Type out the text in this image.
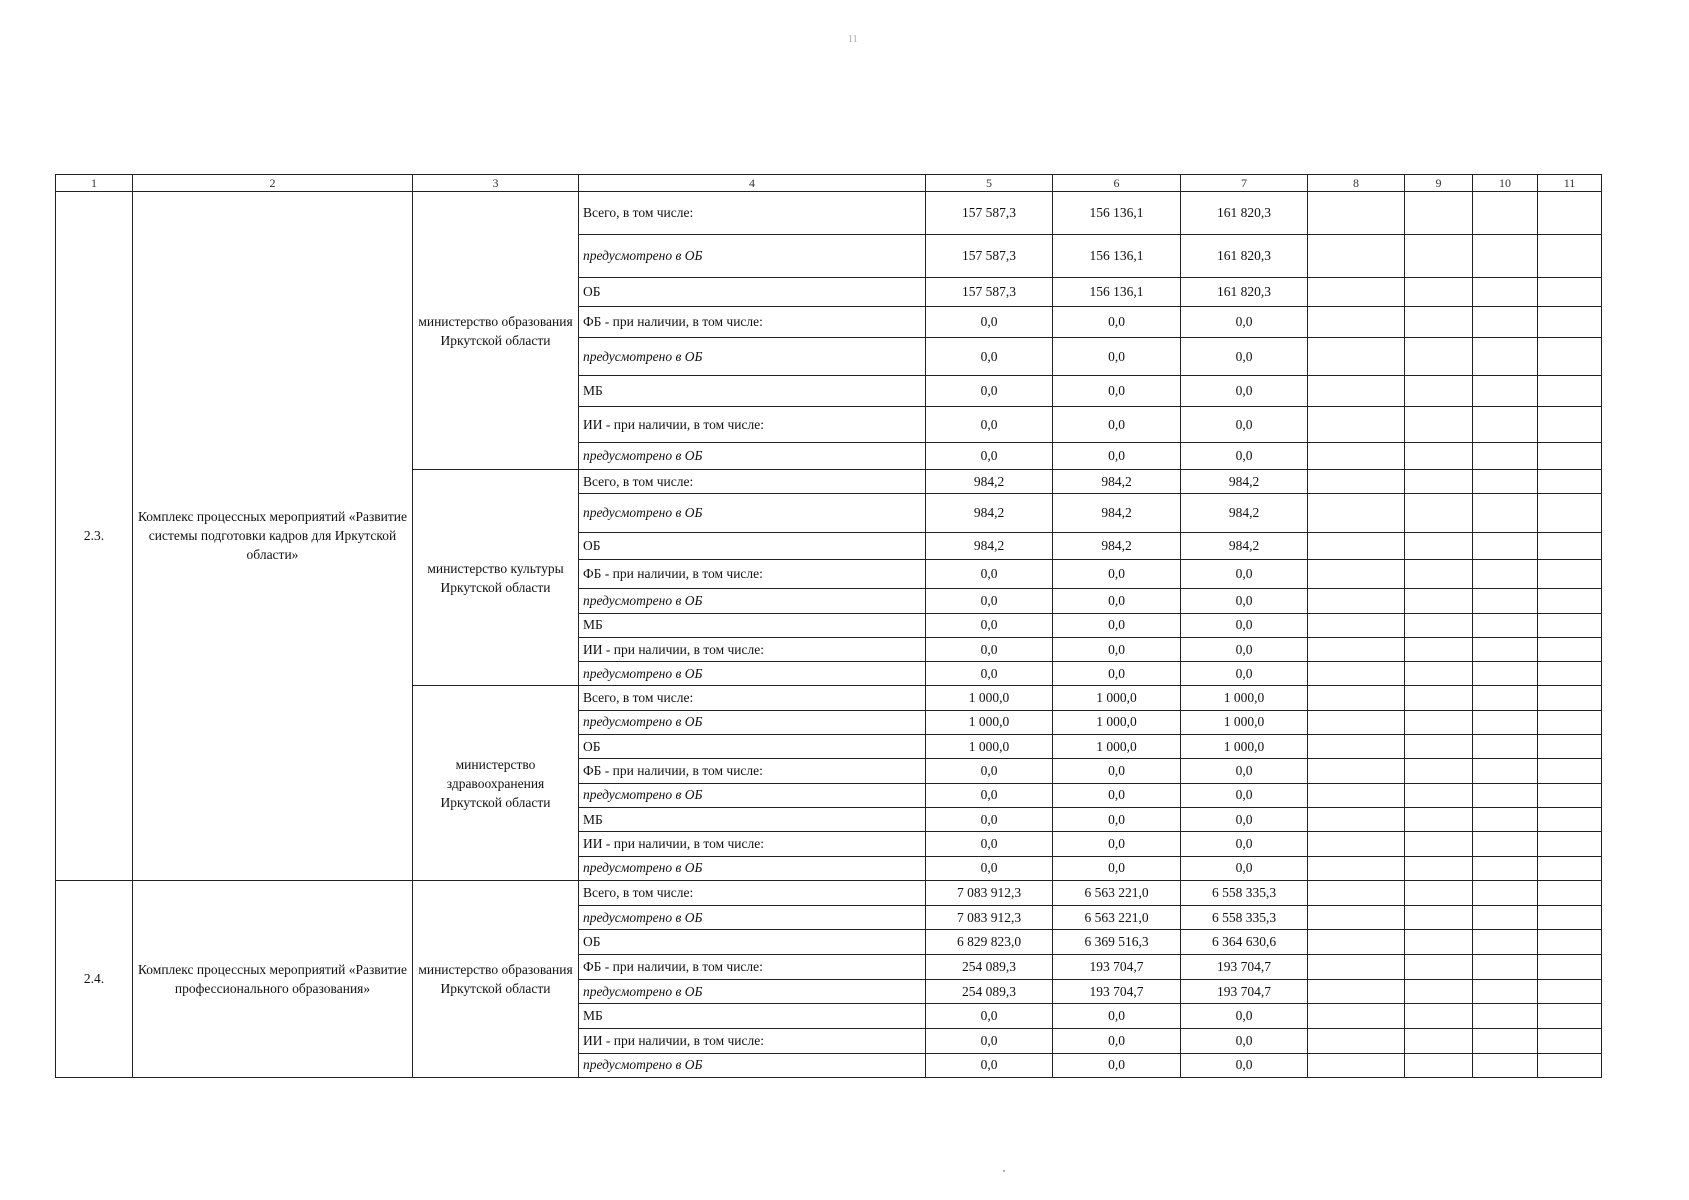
11
1	2	3	4	5	6	7	8	9	10	11
2.3.	Комплекс процессных мероприятий «Развитие системы подготовки кадров для Иркутской области»	министерство образования Иркутской области	Всего, в том числе:	157 587,3	156 136,1	161 820,3				
			предусмотрено в ОБ	157 587,3	156 136,1	161 820,3				
			ОБ	157 587,3	156 136,1	161 820,3				
			ФБ - при наличии, в том числе:	0,0	0,0	0,0				
			предусмотрено в ОБ	0,0	0,0	0,0				
			МБ	0,0	0,0	0,0				
			ИИ - при наличии, в том числе:	0,0	0,0	0,0				
			предусмотрено в ОБ	0,0	0,0	0,0				
		министерство культуры Иркутской области	Всего, в том числе:	984,2	984,2	984,2				
			предусмотрено в ОБ	984,2	984,2	984,2				
			ОБ	984,2	984,2	984,2				
			ФБ - при наличии, в том числе:	0,0	0,0	0,0				
			предусмотрено в ОБ	0,0	0,0	0,0				
			МБ	0,0	0,0	0,0				
			ИИ - при наличии, в том числе:	0,0	0,0	0,0				
			предусмотрено в ОБ	0,0	0,0	0,0				
		министерство здравоохранения Иркутской области	Всего, в том числе:	1 000,0	1 000,0	1 000,0				
			предусмотрено в ОБ	1 000,0	1 000,0	1 000,0				
			ОБ	1 000,0	1 000,0	1 000,0				
			ФБ - при наличии, в том числе:	0,0	0,0	0,0				
			предусмотрено в ОБ	0,0	0,0	0,0				
			МБ	0,0	0,0	0,0				
			ИИ - при наличии, в том числе:	0,0	0,0	0,0				
			предусмотрено в ОБ	0,0	0,0	0,0				
2.4.	Комплекс процессных мероприятий «Развитие профессионального образования»	министерство образования Иркутской области	Всего, в том числе:	7 083 912,3	6 563 221,0	6 558 335,3				
			предусмотрено в ОБ	7 083 912,3	6 563 221,0	6 558 335,3				
			ОБ	6 829 823,0	6 369 516,3	6 364 630,6				
			ФБ - при наличии, в том числе:	254 089,3	193 704,7	193 704,7				
			предусмотрено в ОБ	254 089,3	193 704,7	193 704,7				
			МБ	0,0	0,0	0,0				
			ИИ - при наличии, в том числе:	0,0	0,0	0,0				
			предусмотрено в ОБ	0,0	0,0	0,0				
